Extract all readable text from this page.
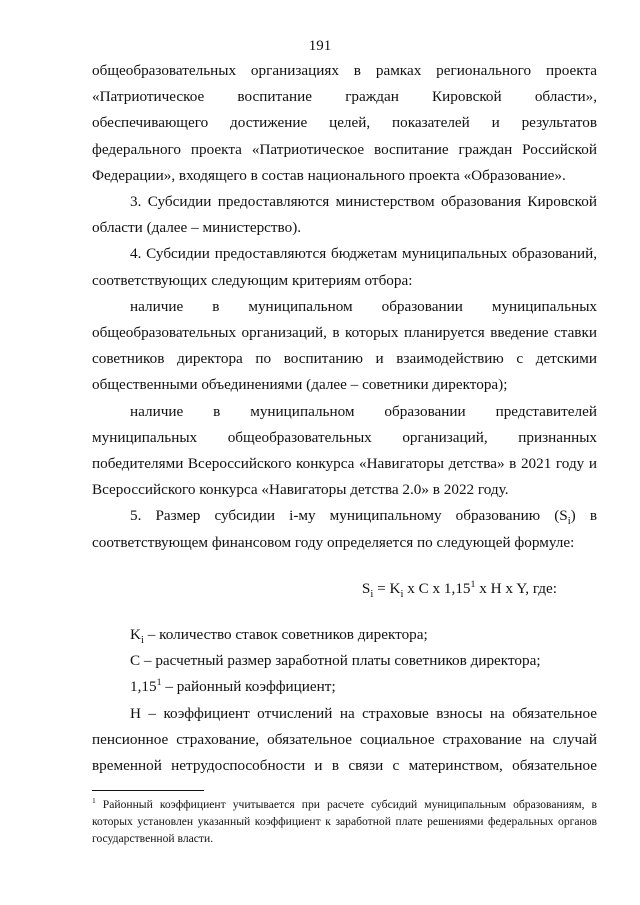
191

общеобразовательных организациях в рамках регионального проекта «Патриотическое воспитание граждан Кировской области», обеспечивающего достижение целей, показателей и результатов федерального проекта «Патриотическое воспитание граждан Российской Федерации», входящего в состав национального проекта «Образование».

3. Субсидии предоставляются министерством образования Кировской области (далее – министерство).

4. Субсидии предоставляются бюджетам муниципальных образований, соответствующих следующим критериям отбора:

наличие в муниципальном образовании муниципальных общеобразовательных организаций, в которых планируется введение ставки советников директора по воспитанию и взаимодействию с детскими общественными объединениями (далее – советники директора);

наличие в муниципальном образовании представителей муниципальных общеобразовательных организаций, признанных победителями Всероссийского конкурса «Навигаторы детства» в 2021 году и Всероссийского конкурса «Навигаторы детства 2.0» в 2022 году.

5. Размер субсидии i-му муниципальному образованию $(S_i)$ в соответствующем финансовом году определяется по следующей формуле:

$S_i = K_i$ x C x 1,15$^1$ x H x Y, где:

$K_i$ – количество ставок советников директора;

C – расчетный размер заработной платы советников директора;

1,15$^1$ – районный коэффициент;

H – коэффициент отчислений на страховые взносы на обязательное пенсионное страхование, обязательное социальное страхование на случай временной нетрудоспособности и в связи с материнством, обязательное

$^1$ Районный коэффициент учитывается при расчете субсидий муниципальным образованиям, в которых установлен указанный коэффициент к заработной плате решениями федеральных органов государственной власти.
